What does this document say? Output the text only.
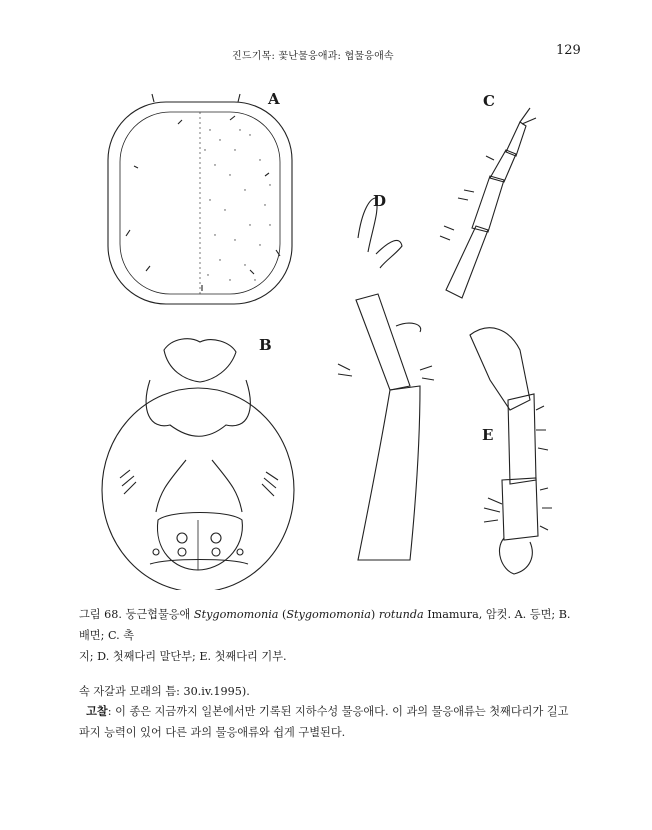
진드기목: 꽃난물응애과: 협물응애속	129
A
B
C
D
E
그림 68. 둥근협물응애 Stygomomonia (Stygomomonia) rotunda Imamura, 암컷. A. 등면; B. 배면; C. 촉
지; D. 첫째다리 말단부; E. 첫째다리 기부.
속 자갈과 모래의 틈: 30.iv.1995).
고찰: 이 종은 지금까지 일본에서만 기록된 지하수성 물응애다. 이 과의 물응애류는 첫째다리가 길고
파지 능력이 있어 다른 과의 물응애류와 쉽게 구별된다.
